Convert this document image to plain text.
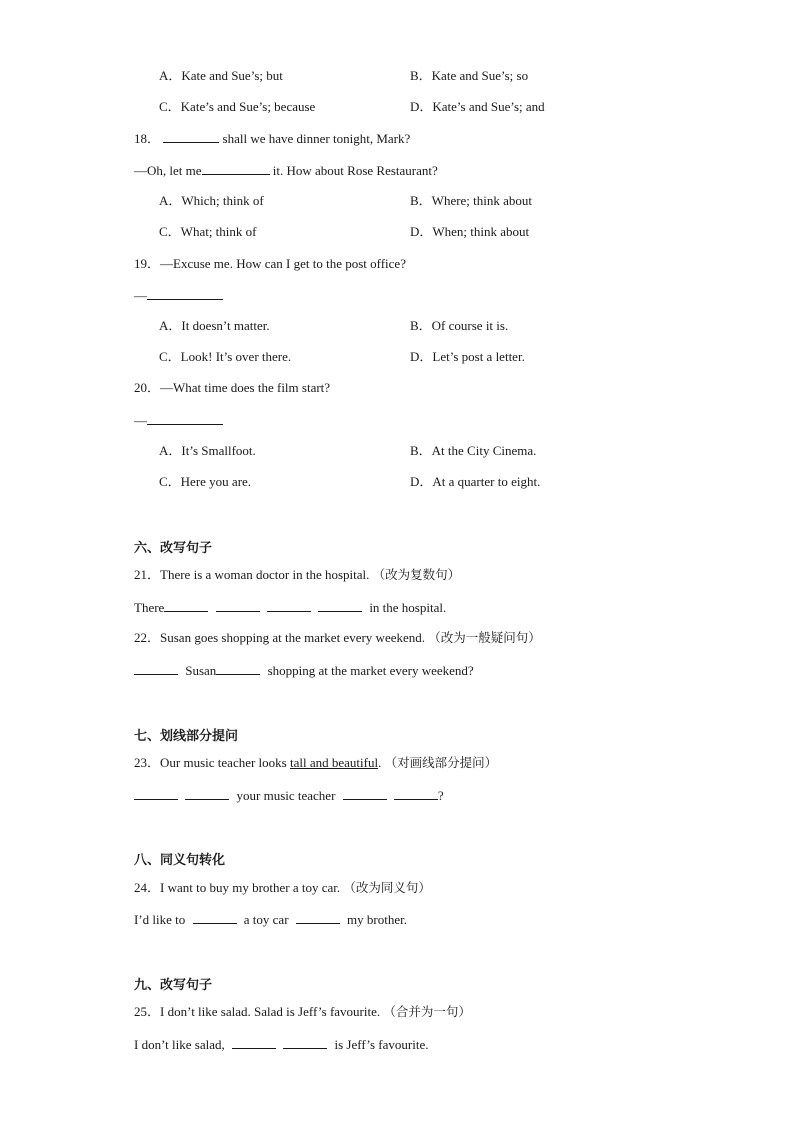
A．Kate and Sue’s; but	B．Kate and Sue’s; so
C．Kate’s and Sue’s; because	D．Kate’s and Sue’s; and
18．	shall we have dinner tonight, Mark?
—Oh, let me	it. How about Rose Restaurant?
A．Which; think of	B．Where; think about
C．What; think of	D．When; think about
19．—Excuse me. How can I get to the post office?
—
A．It doesn’t matter.	B．Of course it is.
C．Look! It’s over there.	D．Let’s post a letter.
20．—What time does the film start?
—
A．It’s Smallfoot.	B．At the City Cinema.
C．Here you are.	D．At a quarter to eight.
六、改写句子
21．There is a woman doctor in the hospital. （改为复数句）
There	in the hospital.
22．Susan goes shopping at the market every weekend. （改为一般疑问句）
Susan	shopping at the market every weekend?
七、划线部分提问
23．Our music teacher looks tall and beautiful. （对画线部分提问）
your music teacher	?
八、同义句转化
24．I want to buy my brother a toy car. （改为同义句）
I’d like to	a toy car	my brother.
九、改写句子
25．I don’t like salad. Salad is Jeff’s favourite. （合并为一句）
I don’t like salad,	is Jeff’s favourite.
